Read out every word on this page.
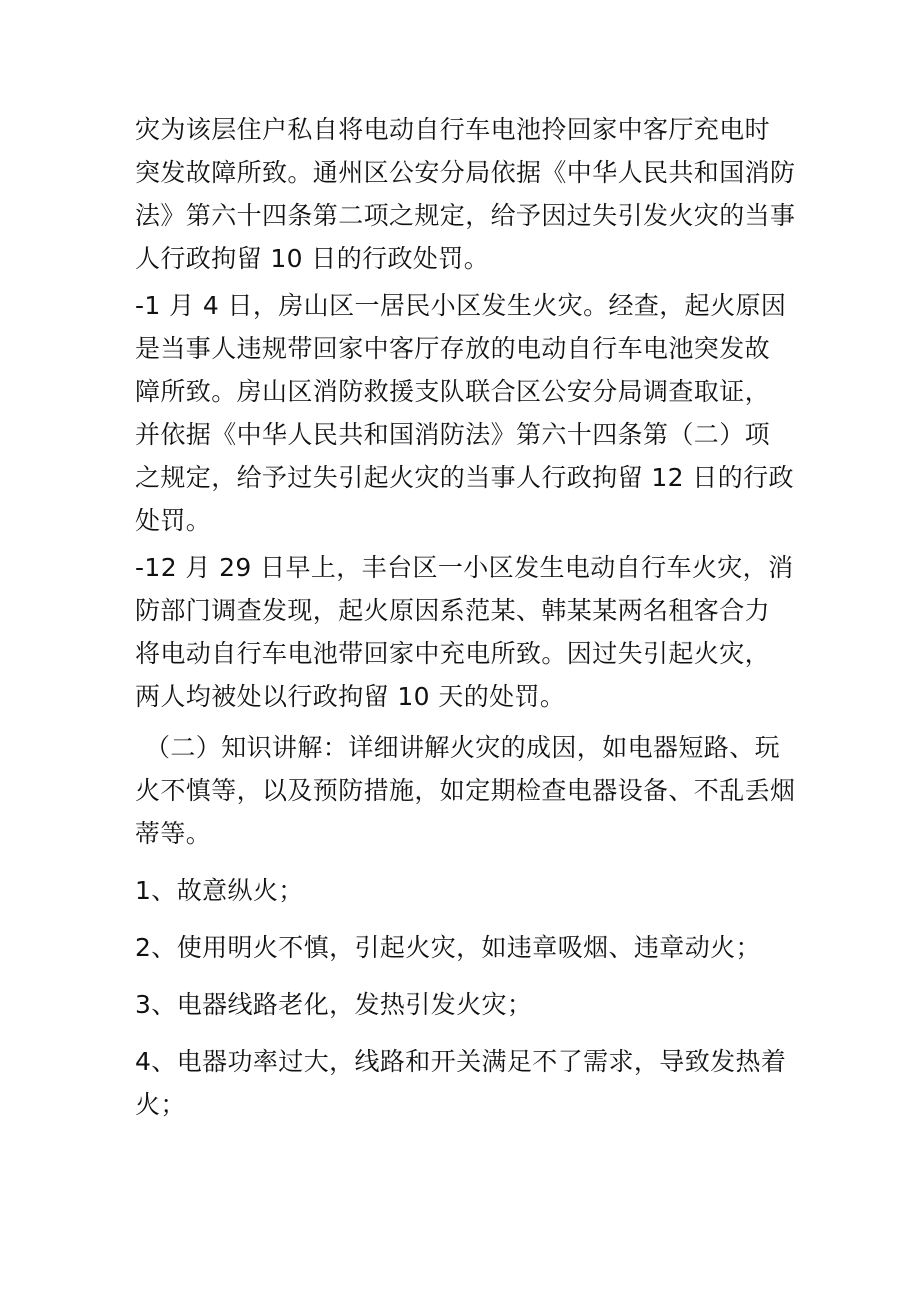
灾为该层住户私自将电动自行车电池拎回家中客厅充电时
突发故障所致。通州区公安分局依据《中华人民共和国消防
法》第六十四条第二项之规定，给予因过失引发火灾的当事
人行政拘留 10 日的行政处罚。

-1 月 4 日，房山区一居民小区发生火灾。经查，起火原因
是当事人违规带回家中客厅存放的电动自行车电池突发故
障所致。房山区消防救援支队联合区公安分局调查取证，
并依据《中华人民共和国消防法》第六十四条第（二）项
之规定，给予过失引起火灾的当事人行政拘留 12 日的行政
处罚。

-12 月 29 日早上，丰台区一小区发生电动自行车火灾，消
防部门调查发现，起火原因系范某、韩某某两名租客合力
将电动自行车电池带回家中充电所致。因过失引起火灾，
两人均被处以行政拘留 10 天的处罚。

（二）知识讲解：详细讲解火灾的成因，如电器短路、玩
火不慎等，以及预防措施，如定期检查电器设备、不乱丢烟
蒂等。

1、故意纵火；

2、使用明火不慎，引起火灾，如违章吸烟、违章动火；

3、电器线路老化，发热引发火灾；

4、电器功率过大，线路和开关满足不了需求，导致发热着
火；
